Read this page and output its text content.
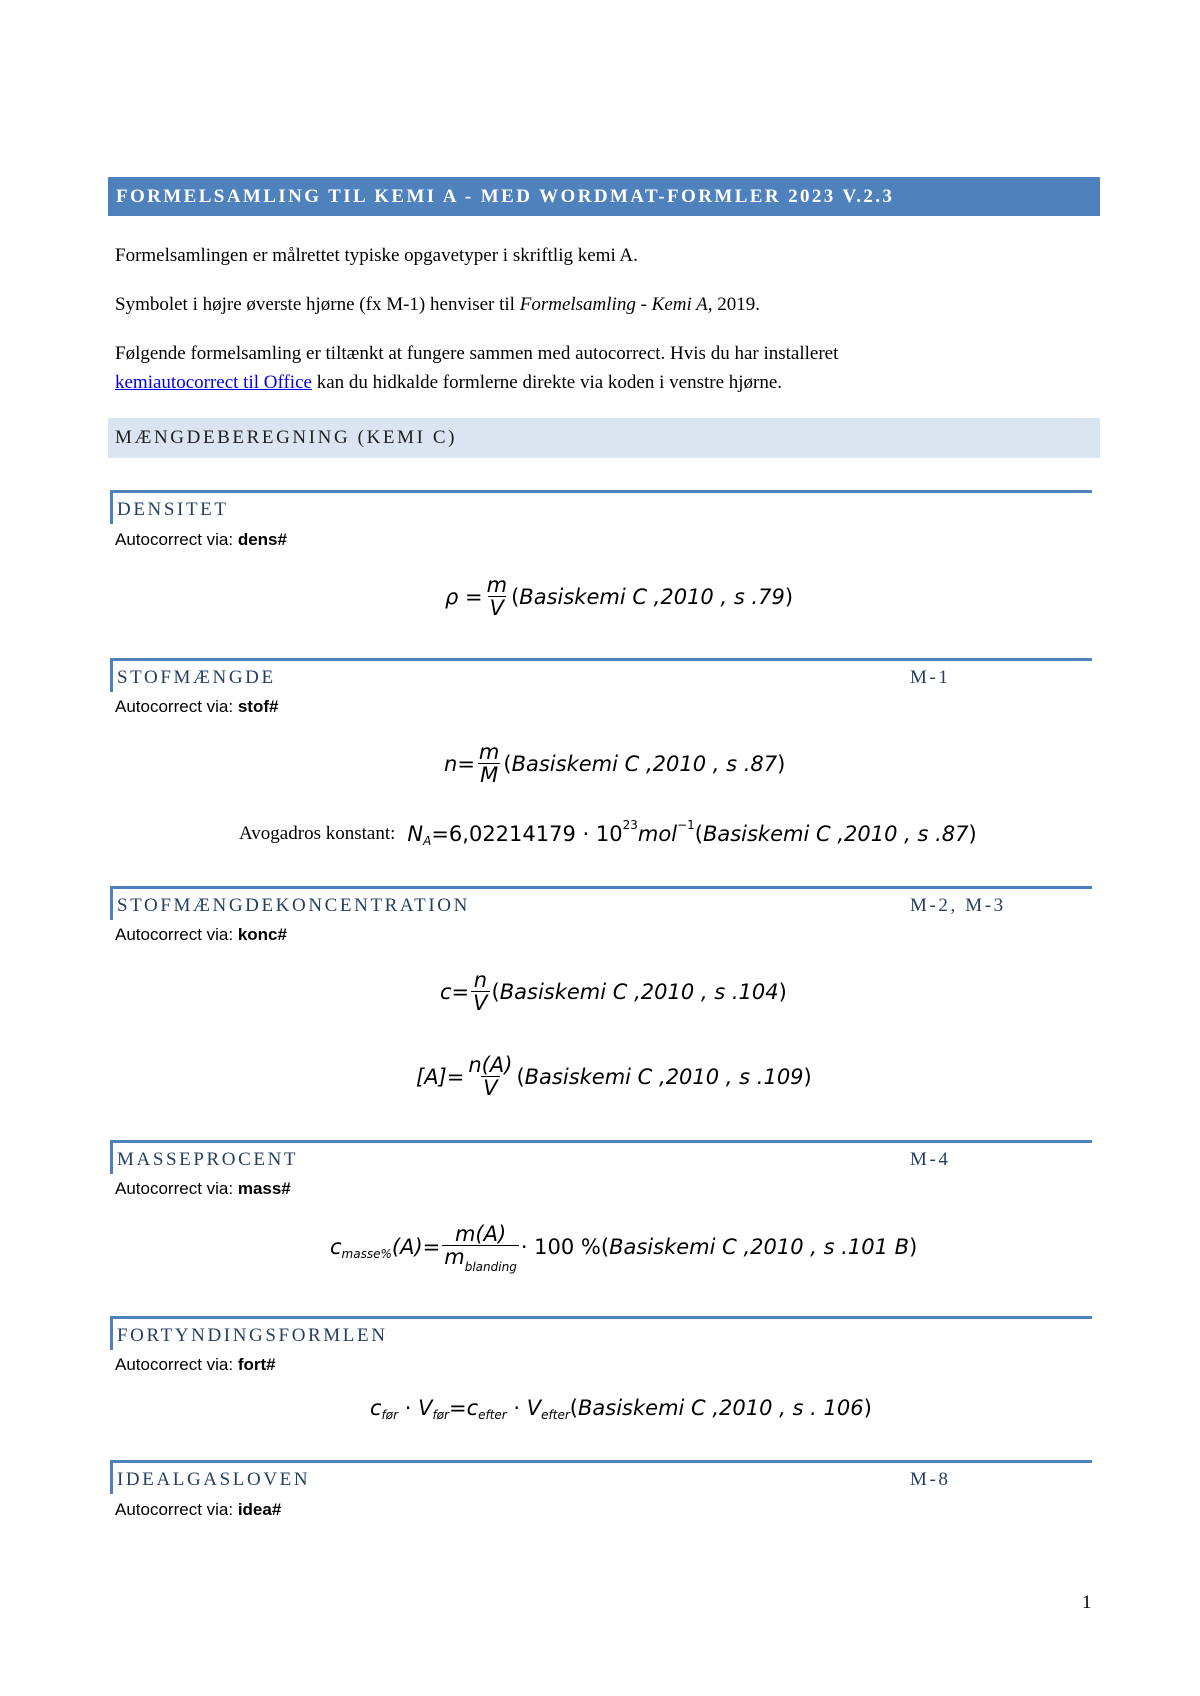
FORMELSAMLING TIL KEMI A - MED WORDMAT-FORMLER 2023 V.2.3
Formelsamlingen er målrettet typiske opgavetyper i skriftlig kemi A.
Symbolet i højre øverste hjørne (fx M-1) henviser til Formelsamling - Kemi A, 2019.
Følgende formelsamling er tiltænkt at fungere sammen med autocorrect. Hvis du har installeret
kemiautocorrect til Office kan du hidkalde formlerne direkte via koden i venstre hjørne.
MÆNGDEBEREGNING (KEMI C)
DENSITET
Autocorrect via: dens#
$\rho = \frac{m}{V}$ ( Basiskemi C ,2010 , s .79 )
STOFMÆNGDE	M-1
Autocorrect via: stof#
$n = \frac{m}{M}$ ( Basiskemi C ,2010 , s .87 )
Avogadros konstant: N A =6,02214179 · 10 23 mol −1 ( Basiskemi C ,2010 , s .87 )
STOFMÆNGDEKONCENTRATION	M-2, M-3
Autocorrect via: konc#
$c = \frac{n}{V}$ ( Basiskemi C ,2010 , s .104 )
$[A] = \frac{n(A)}{V}$ ( Basiskemi C ,2010 , s .109 )
MASSEPROCENT	M-4
Autocorrect via: mass#
c masse% $(A) = \frac{m(A)}{m_{blanding}} \cdot 100$ % ( Basiskemi C ,2010 , s .101 B )
FORTYNDINGSFORMLEN
Autocorrect via: fort#
c før · V før = c efter · V efter ( Basiskemi C ,2010 , s . 106 )
IDEALGASLOVEN	M-8
Autocorrect via: idea#
1
